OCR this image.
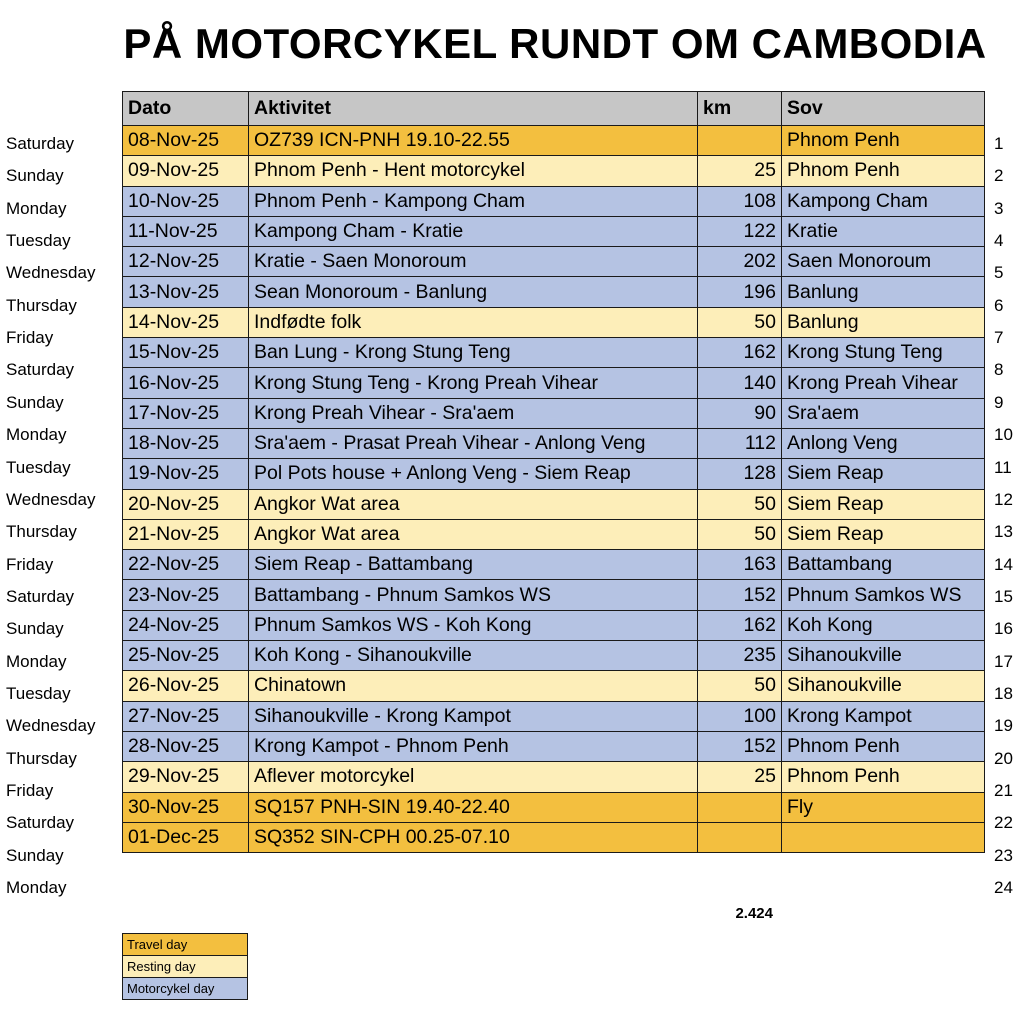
PÅ MOTORCYKEL RUNDT OM CAMBODIA
Dato	Aktivitet	km	Sov
08-Nov-25	OZ739 ICN-PNH 19.10-22.55		Phnom Penh
09-Nov-25	Phnom Penh - Hent motorcykel	25	Phnom Penh
10-Nov-25	Phnom Penh - Kampong Cham	108	Kampong Cham
11-Nov-25	Kampong Cham - Kratie	122	Kratie
12-Nov-25	Kratie - Saen Monoroum	202	Saen Monoroum
13-Nov-25	Sean Monoroum - Banlung	196	Banlung
14-Nov-25	Indfødte folk	50	Banlung
15-Nov-25	Ban Lung - Krong Stung Teng	162	Krong Stung Teng
16-Nov-25	Krong Stung Teng - Krong Preah Vihear	140	Krong Preah Vihear
17-Nov-25	Krong Preah Vihear - Sra'aem	90	Sra'aem
18-Nov-25	Sra'aem - Prasat Preah Vihear - Anlong Veng	112	Anlong Veng
19-Nov-25	Pol Pots house + Anlong Veng - Siem Reap	128	Siem Reap
20-Nov-25	Angkor Wat area	50	Siem Reap
21-Nov-25	Angkor Wat area	50	Siem Reap
22-Nov-25	Siem Reap - Battambang	163	Battambang
23-Nov-25	Battambang - Phnum Samkos WS	152	Phnum Samkos WS
24-Nov-25	Phnum Samkos WS - Koh Kong	162	Koh Kong
25-Nov-25	Koh Kong - Sihanoukville	235	Sihanoukville
26-Nov-25	Chinatown	50	Sihanoukville
27-Nov-25	Sihanoukville - Krong Kampot	100	Krong Kampot
28-Nov-25	Krong Kampot - Phnom Penh	152	Phnom Penh
29-Nov-25	Aflever motorcykel	25	Phnom Penh
30-Nov-25	SQ157 PNH-SIN 19.40-22.40		Fly
01-Dec-25	SQ352 SIN-CPH 00.25-07.10		
Saturday
Sunday
Monday
Tuesday
Wednesday
Thursday
Friday
Saturday
Sunday
Monday
Tuesday
Wednesday
Thursday
Friday
Saturday
Sunday
Monday
Tuesday
Wednesday
Thursday
Friday
Saturday
Sunday
Monday
1
2
3
4
5
6
7
8
9
10
11
12
13
14
15
16
17
18
19
20
21
22
23
24
2.424
Travel day
Resting day
Motorcykel day
